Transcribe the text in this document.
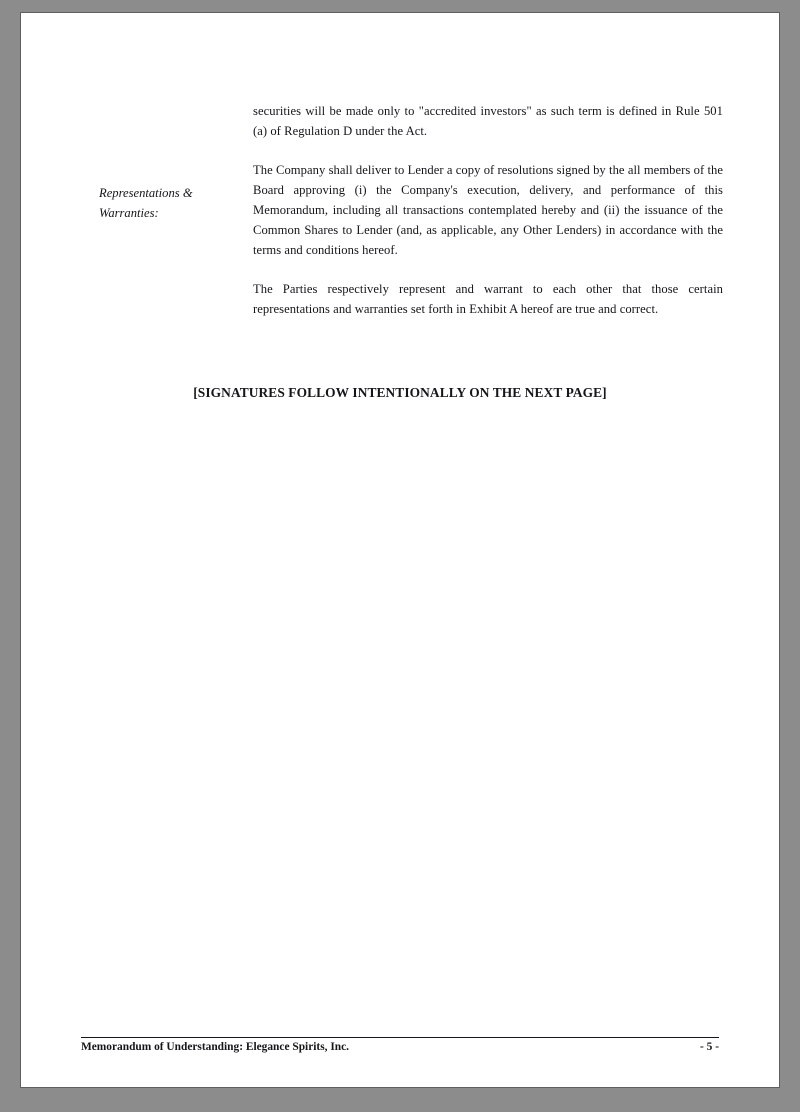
Representations &
Warranties:

securities will be made only to "accredited investors" as such term is defined in Rule 501 (a) of Regulation D under the Act.

The Company shall deliver to Lender a copy of resolutions signed by the all members of the Board approving (i) the Company's execution, delivery, and performance of this Memorandum, including all transactions contemplated hereby and (ii) the issuance of the Common Shares to Lender (and, as applicable, any Other Lenders) in accordance with the terms and conditions hereof.

The Parties respectively represent and warrant to each other that those certain representations and warranties set forth in Exhibit A hereof are true and correct.

[SIGNATURES FOLLOW INTENTIONALLY ON THE NEXT PAGE]
Memorandum of Understanding: Elegance Spirits, Inc.	- 5 -
